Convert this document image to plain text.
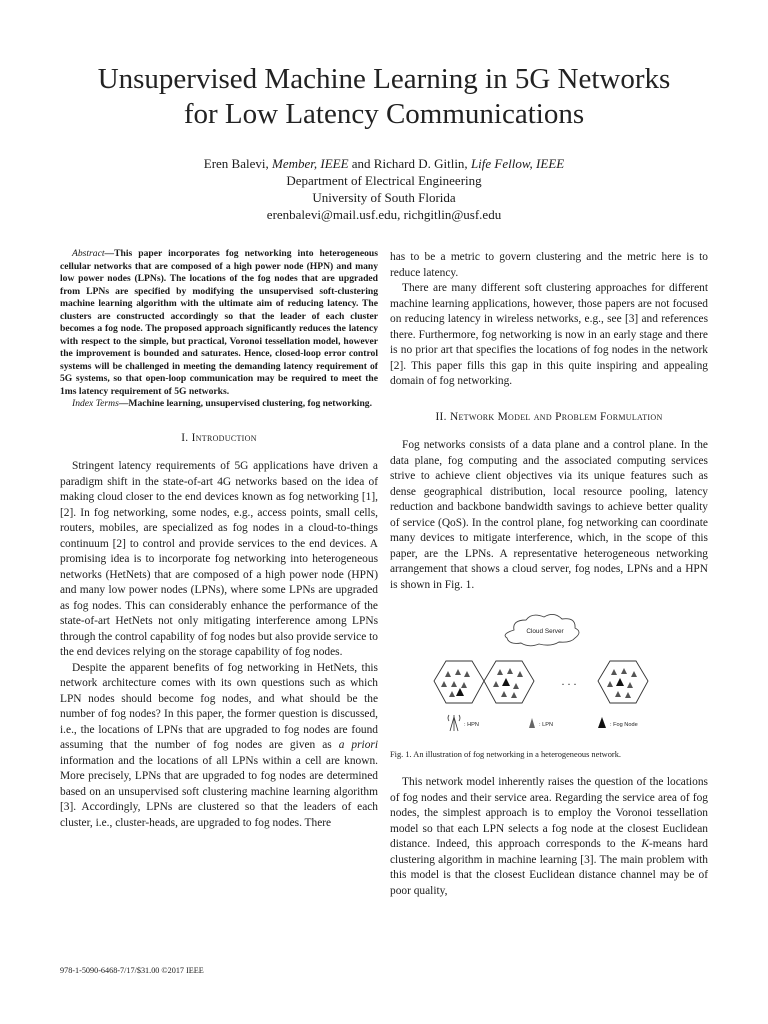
Unsupervised Machine Learning in 5G Networks
for Low Latency Communications
Eren Balevi, Member, IEEE and Richard D. Gitlin, Life Fellow, IEEE
Department of Electrical Engineering
University of South Florida
erenbalevi@mail.usf.edu, richgitlin@usf.edu

Abstract—This paper incorporates fog networking into heterogeneous cellular networks that are composed of a high power node (HPN) and many low power nodes (LPNs). The locations of the fog nodes that are upgraded from LPNs are specified by modifying the unsupervised soft-clustering machine learning algorithm with the ultimate aim of reducing latency. The clusters are constructed accordingly so that the leader of each cluster becomes a fog node. The proposed approach significantly reduces the latency with respect to the simple, but practical, Voronoi tessellation model, however the improvement is bounded and saturates. Hence, closed-loop error control systems will be challenged in meeting the demanding latency requirement of 5G systems, so that open-loop communication may be required to meet the 1ms latency requirement of 5G networks.

Index Terms—Machine learning, unsupervised clustering, fog networking.

I. Introduction

Stringent latency requirements of 5G applications have driven a paradigm shift in the state-of-art 4G networks based on the idea of making cloud closer to the end devices known as fog networking [1], [2]. In fog networking, some nodes, e.g., access points, small cells, routers, mobiles, are specialized as fog nodes in a cloud-to-things continuum [2] to control and provide services to the end devices. A promising idea is to incorporate fog networking into heterogeneous networks (HetNets) that are composed of a high power node (HPN) and many low power nodes (LPNs), where some LPNs are upgraded as fog nodes. This can considerably enhance the performance of the state-of-art HetNets not only mitigating interference among LPNs through the control capability of fog nodes but also provide service to the end devices relying on the storage capability of fog nodes.

Despite the apparent benefits of fog networking in HetNets, this network architecture comes with its own questions such as which LPN nodes should become fog nodes, and what should be the number of fog nodes? In this paper, the former question is discussed, i.e., the locations of LPNs that are upgraded to fog nodes are found assuming that the number of fog nodes are given as a priori information and the locations of all LPNs within a cell are known. More precisely, LPNs that are upgraded to fog nodes are determined based on an unsupervised soft clustering machine learning algorithm [3]. Accordingly, LPNs are clustered so that the leaders of each cluster, i.e., cluster-heads, are upgraded to fog nodes. There

has to be a metric to govern clustering and the metric here is to reduce latency.

There are many different soft clustering approaches for different machine learning applications, however, those papers are not focused on reducing latency in wireless networks, e.g., see [3] and references there. Furthermore, fog networking is now in an early stage and there is no prior art that specifies the locations of fog nodes in the network [2]. This paper fills this gap in this quite inspiring and appealing domain of fog networking.

II. Network Model and Problem Formulation

Fog networks consists of a data plane and a control plane. In the data plane, fog computing and the associated computing services strive to achieve client objectives via its unique features such as dense geographical distribution, local resource pooling, latency reduction and backbone bandwidth savings to achieve better quality of service (QoS). In the control plane, fog networking can coordinate many devices to mitigate interference, which, in the scope of this paper, are the LPNs. A representative heterogeneous networking arrangement that shows a cloud server, fog nodes, LPNs and a HPN is shown in Fig. 1.

Cloud Server
. . .
: HPN	: LPN	: Fog Node
Fig. 1. An illustration of fog networking in a heterogeneous network.

This network model inherently raises the question of the locations of fog nodes and their service area. Regarding the service area of fog nodes, the simplest approach is to employ the Voronoi tessellation model so that each LPN selects a fog node at the closest Euclidean distance. Indeed, this approach corresponds to the K-means hard clustering algorithm in machine learning [3]. The main problem with this model is that the closest Euclidean distance channel may be of poor quality,

978-1-5090-6468-7/17/$31.00 ©2017 IEEE
